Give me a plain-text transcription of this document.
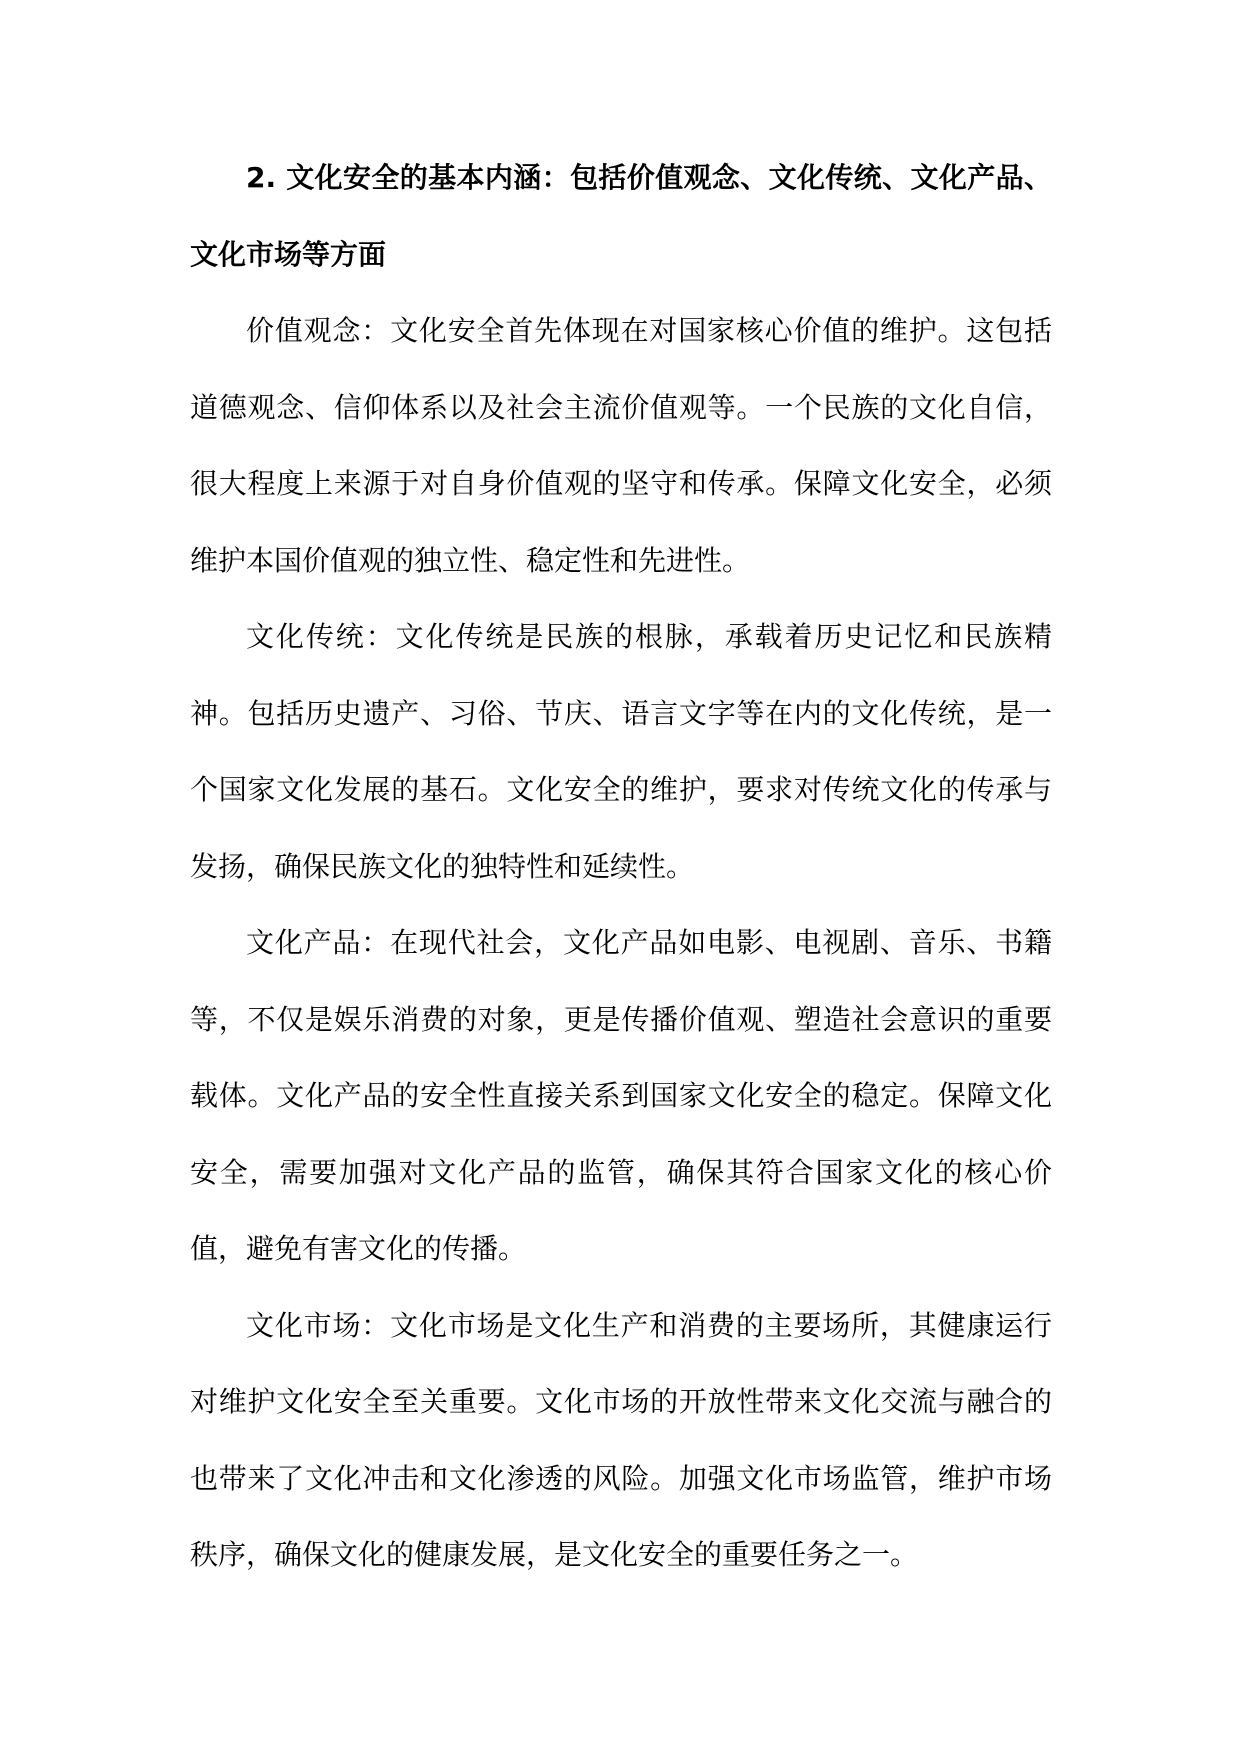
2. 文化安全的基本内涵：包括价值观念、文化传统、文化产品、文化市场等方面

价值观念：文化安全首先体现在对国家核心价值的维护。这包括道德观念、信仰体系以及社会主流价值观等。一个民族的文化自信，很大程度上来源于对自身价值观的坚守和传承。保障文化安全，必须维护本国价值观的独立性、稳定性和先进性。

文化传统：文化传统是民族的根脉，承载着历史记忆和民族精神。包括历史遗产、习俗、节庆、语言文字等在内的文化传统，是一个国家文化发展的基石。文化安全的维护，要求对传统文化的传承与发扬，确保民族文化的独特性和延续性。

文化产品：在现代社会，文化产品如电影、电视剧、音乐、书籍等，不仅是娱乐消费的对象，更是传播价值观、塑造社会意识的重要载体。文化产品的安全性直接关系到国家文化安全的稳定。保障文化安全，需要加强对文化产品的监管，确保其符合国家文化的核心价值，避免有害文化的传播。

文化市场：文化市场是文化生产和消费的主要场所，其健康运行对维护文化安全至关重要。文化市场的开放性带来文化交流与融合的也带来了文化冲击和文化渗透的风险。加强文化市场监管，维护市场秩序，确保文化的健康发展，是文化安全的重要任务之一。
